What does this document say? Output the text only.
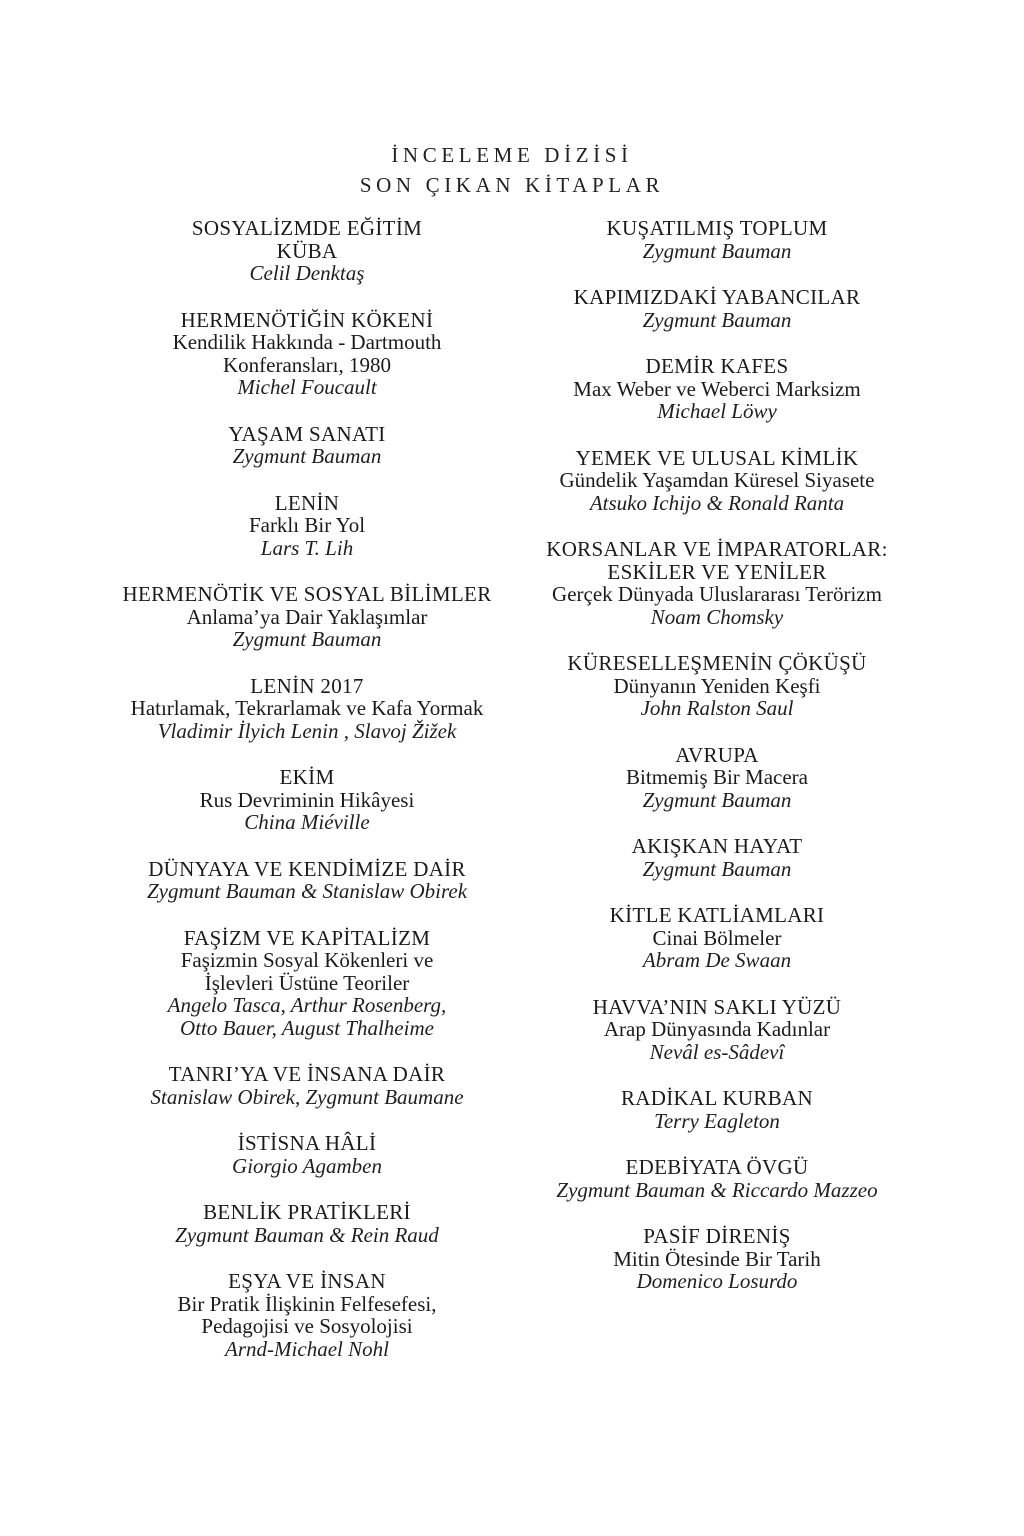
İNCELEME DİZİSİ
SON ÇIKAN KİTAPLAR
SOSYALİZMDE EĞİTİM
KÜBA
Celil Denktaş
HERMENÖTİĞİN KÖKENİ
Kendilik Hakkında - Dartmouth
Konferansları, 1980
Michel Foucault
YAŞAM SANATI
Zygmunt Bauman
LENİN
Farklı Bir Yol
Lars T. Lih
HERMENÖTİK VE SOSYAL BİLİMLER
Anlama’ya Dair Yaklaşımlar
Zygmunt Bauman
LENİN 2017
Hatırlamak, Tekrarlamak ve Kafa Yormak
Vladimir İlyich Lenin , Slavoj Žižek
EKİM
Rus Devriminin Hikâyesi
China Miéville
DÜNYAYA VE KENDİMİZE DAİR
Zygmunt Bauman & Stanislaw Obirek
FAŞİZM VE KAPİTALİZM
Faşizmin Sosyal Kökenleri ve
İşlevleri Üstüne Teoriler
Angelo Tasca, Arthur Rosenberg,
Otto Bauer, August Thalheime
TANRI’YA VE İNSANA DAİR
Stanislaw Obirek, Zygmunt Baumane
İSTİSNA HÂLİ
Giorgio Agamben
BENLİK PRATİKLERİ
Zygmunt Bauman & Rein Raud
EŞYA VE İNSAN
Bir Pratik İlişkinin Felfesefesi,
Pedagojisi ve Sosyolojisi
Arnd-Michael Nohl
KUŞATILMIŞ TOPLUM
Zygmunt Bauman
KAPIMIZDAKİ YABANCILAR
Zygmunt Bauman
DEMİR KAFES
Max Weber ve Weberci Marksizm
Michael Löwy
YEMEK VE ULUSAL KİMLİK
Gündelik Yaşamdan Küresel Siyasete
Atsuko Ichijo & Ronald Ranta
KORSANLAR VE İMPARATORLAR:
ESKİLER VE YENİLER
Gerçek Dünyada Uluslararası Terörizm
Noam Chomsky
KÜRESELLEŞMENİN ÇÖKÜŞÜ
Dünyanın Yeniden Keşfi
John Ralston Saul
AVRUPA
Bitmemiş Bir Macera
Zygmunt Bauman
AKIŞKAN HAYAT
Zygmunt Bauman
KİTLE KATLİAMLARI
Cinai Bölmeler
Abram De Swaan
HAVVA’NIN SAKLI YÜZÜ
Arap Dünyasında Kadınlar
Nevâl es-Sâdevî
RADİKAL KURBAN
Terry Eagleton
EDEBİYATA ÖVGÜ
Zygmunt Bauman & Riccardo Mazzeo
PASİF DİRENİŞ
Mitin Ötesinde Bir Tarih
Domenico Losurdo
